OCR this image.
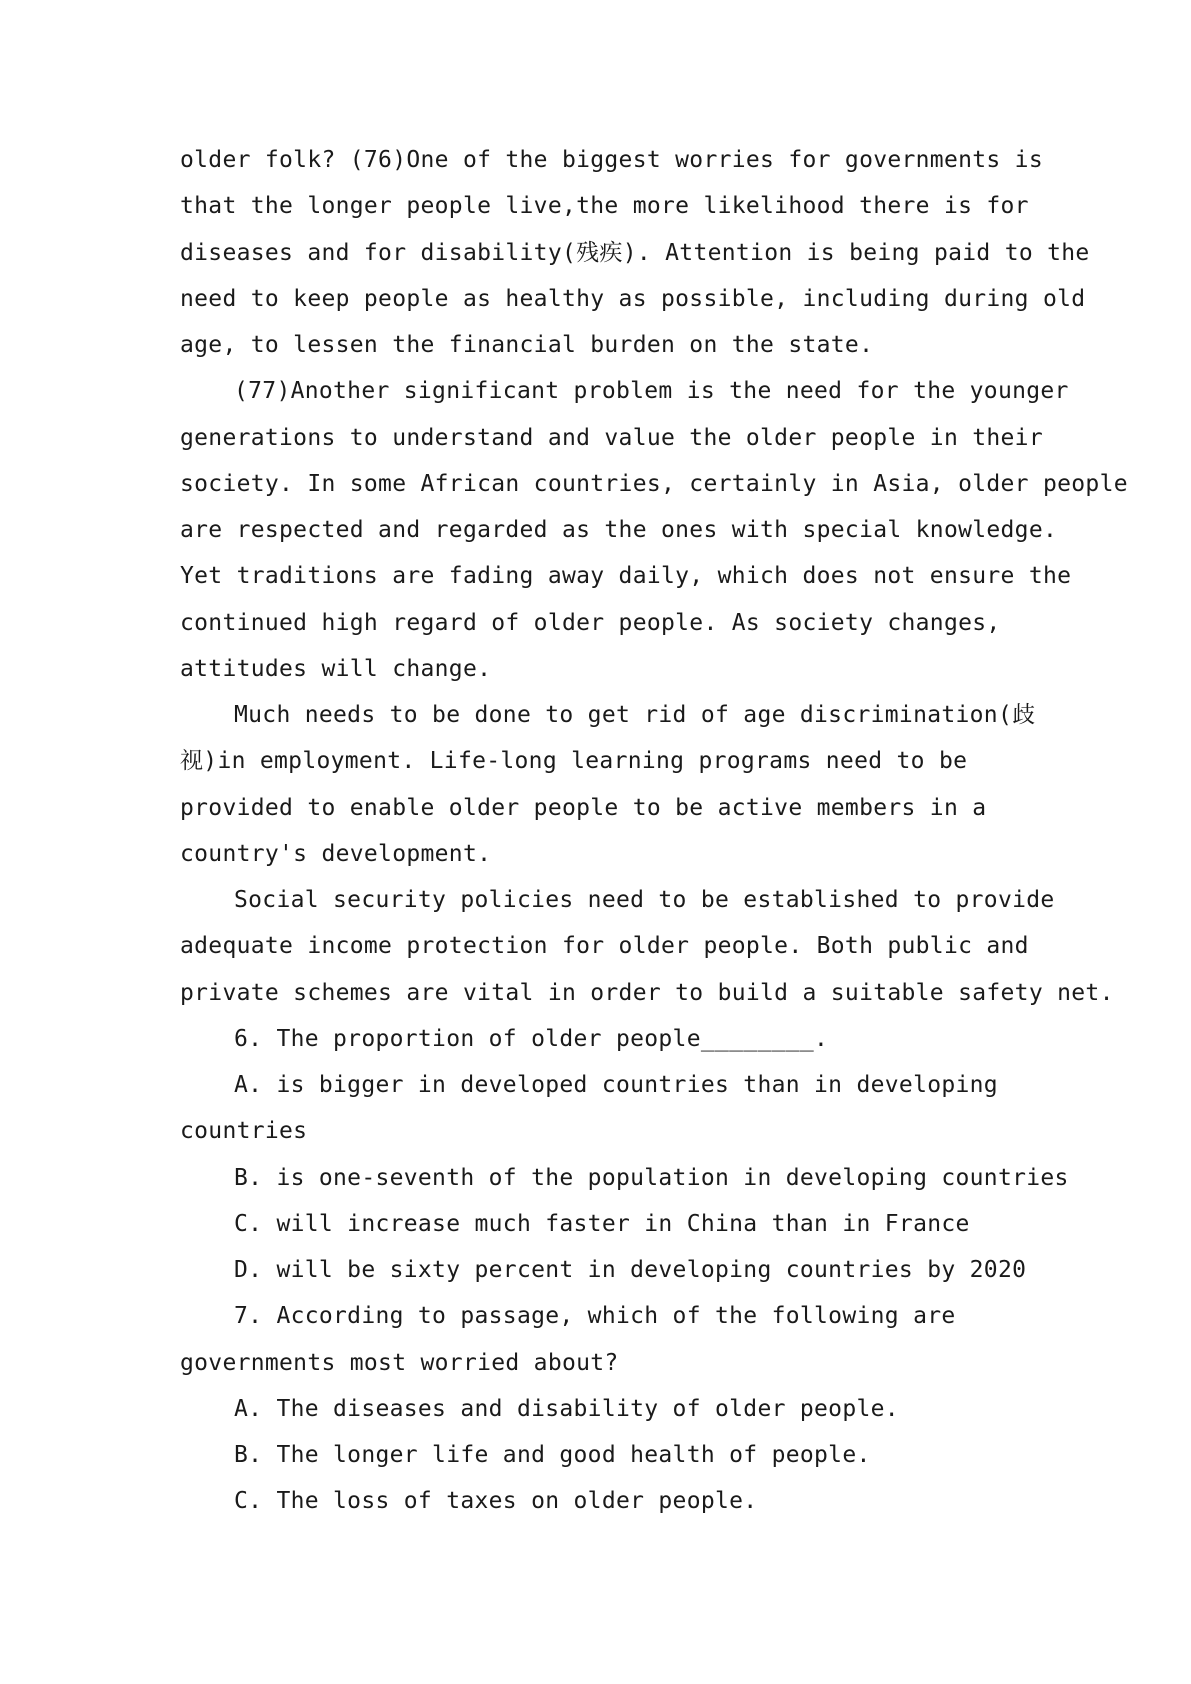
older folk? (76)One of the biggest worries for governments is
that the longer people live,the more likelihood there is for
diseases and for disability(残疾). Attention is being paid to the
need to keep people as healthy as possible, including during old
age, to lessen the financial burden on the state.
(77)Another significant problem is the need for the younger
generations to understand and value the older people in their
society. In some African countries, certainly in Asia, older people
are respected and regarded as the ones with special knowledge.
Yet traditions are fading away daily, which does not ensure the
continued high regard of older people. As society changes,
attitudes will change.
Much needs to be done to get rid of age discrimination(歧
视)in employment. Life-long learning programs need to be
provided to enable older people to be active members in a
country's development.
Social security policies need to be established to provide
adequate income protection for older people. Both public and
private schemes are vital in order to build a suitable safety net.
6. The proportion of older people________.
A. is bigger in developed countries than in developing
countries
B. is one-seventh of the population in developing countries
C. will increase much faster in China than in France
D. will be sixty percent in developing countries by 2020
7. According to passage, which of the following are
governments most worried about?
A. The diseases and disability of older people.
B. The longer life and good health of people.
C. The loss of taxes on older people.
